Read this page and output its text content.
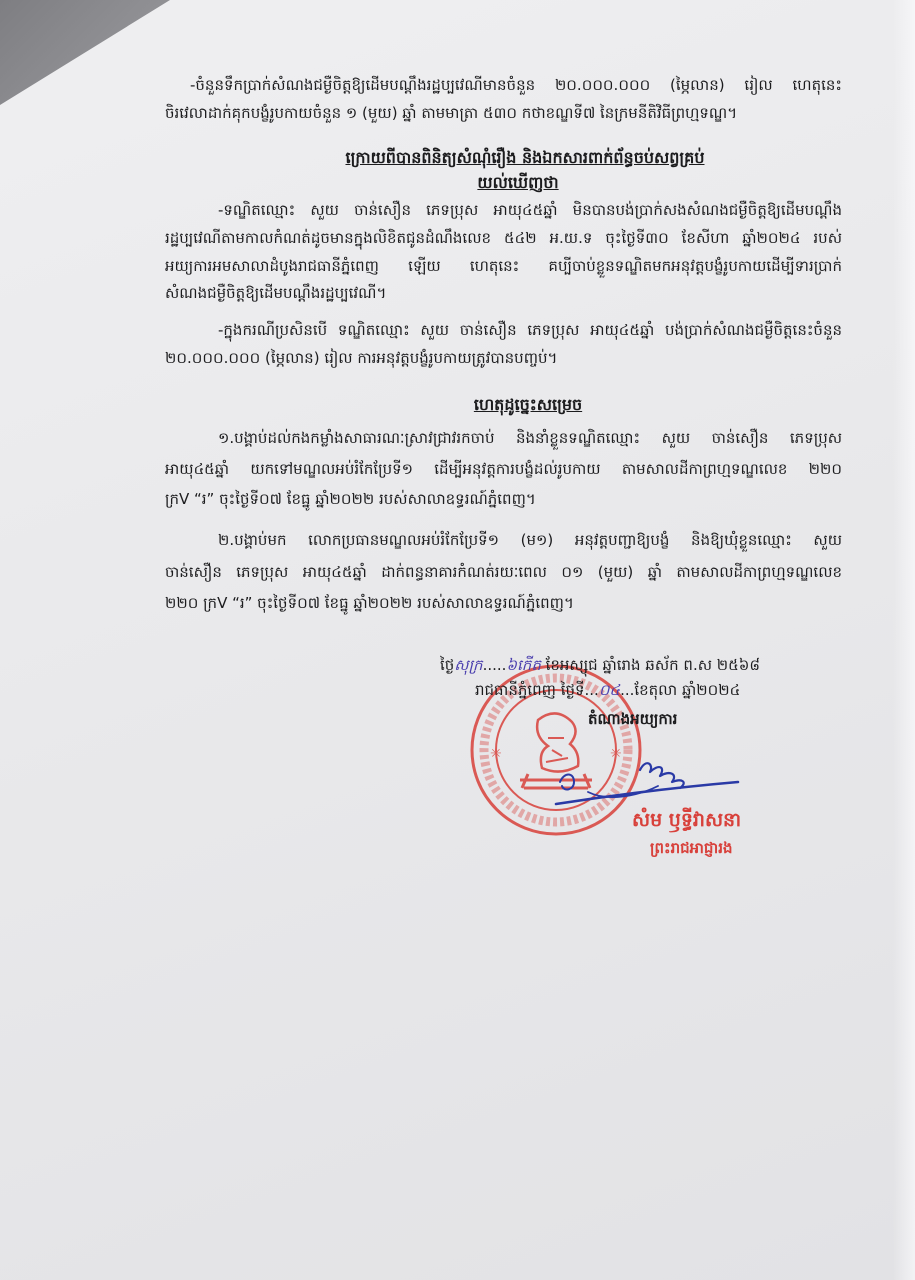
-ចំនួនទឹកប្រាក់សំណងជម្ងឺចិត្តឱ្យដើមបណ្ដឹងរដ្ឋប្បវេណីមានចំនួន ២០.០០០.០០០ (ម្ភៃលាន) រៀល ហេតុនេះ
ចិរវេលាដាក់គុកបង្ខំរូបកាយចំនួន ១ (មួយ) ឆ្នាំ តាមមាត្រា ៥៣០ កថាខណ្ឌទី៧ នៃក្រមនីតិវិធីព្រហ្មទណ្ឌ។
ក្រោយពីបានពិនិត្យសំណុំរឿង និងឯកសារពាក់ព័ន្ធចប់សព្វគ្រប់
យល់ឃើញថា
-ទណ្ឌិតឈ្មោះ សួយ ចាន់សឿន ភេទប្រុស អាយុ៤៥ឆ្នាំ មិនបានបង់ប្រាក់សងសំណងជម្ងឺចិត្តឱ្យដើមបណ្ដឹង
រដ្ឋប្បវេណីតាមកាលកំណត់ដូចមានក្នុងលិខិតជូនដំណឹងលេខ ៥៤២ អ.យ.ទ ចុះថ្ងៃទី៣០ ខែសីហា ឆ្នាំ២០២៤ របស់
អយ្យការអមសាលាដំបូងរាជធានីភ្នំពេញ ឡើយ ហេតុនេះ គប្បីចាប់ខ្លួនទណ្ឌិតមកអនុវត្តបង្ខំរូបកាយដើម្បីទារប្រាក់
សំណងជម្ងឺចិត្តឱ្យដើមបណ្ដឹងរដ្ឋប្បវេណី។
-ក្នុងករណីប្រសិនបើ ទណ្ឌិតឈ្មោះ សួយ ចាន់សឿន ភេទប្រុស អាយុ៤៥ឆ្នាំ បង់ប្រាក់សំណងជម្ងឺចិត្តនេះចំនួន
២០.០០០.០០០ (ម្ភៃលាន) រៀល ការអនុវត្តបង្ខំរូបកាយត្រូវបានបញ្ចប់។
ហេតុដូច្នេះសម្រេច
១.បង្គាប់ដល់កងកម្លាំងសាធារណៈស្រាវជ្រាវរកចាប់ និងនាំខ្លួនទណ្ឌិតឈ្មោះ សួយ ចាន់សឿន ភេទប្រុស
អាយុ៤៥ឆ្នាំ យកទៅមណ្ឌលអប់រំកែប្រែទី១ ដើម្បីអនុវត្តការបង្ខំដល់រូបកាយ តាមសាលដីកាព្រហ្មទណ្ឌលេខ ២២០
ក្រV “រ” ចុះថ្ងៃទី០៧ ខែធ្នូ ឆ្នាំ២០២២ របស់សាលាឧទ្ធរណ៍ភ្នំពេញ។
២.បង្គាប់មក លោកប្រធានមណ្ឌលអប់រំកែប្រែទី១ (ម១) អនុវត្តបញ្ជាឱ្យបង្ខំ និងឱ្យឃុំខ្លួនឈ្មោះ សួយ
ចាន់សឿន ភេទប្រុស អាយុ៤៥ឆ្នាំ ដាក់ពន្ធនាគារកំណត់រយៈពេល ០១ (មួយ) ឆ្នាំ តាមសាលដីកាព្រហ្មទណ្ឌលេខ
២២០ ក្រV “រ” ចុះថ្ងៃទី០៧ ខែធ្នូ ឆ្នាំ២០២២ របស់សាលាឧទ្ធរណ៍ភ្នំពេញ។
✳	✳
ថ្ងៃសុក្រ.....៦កើត ខែអស្សុជ ឆ្នាំរោង ឆស័ក ព.ស ២៥៦៨
រាជធានីភ្នំពេញ ថ្ងៃទី...០៤...ខែតុលា ឆ្នាំ២០២៤
តំណាងអយ្យការ
សំម ឫទ្ធីវាសនា
ព្រះរាជអាជ្ញារង
